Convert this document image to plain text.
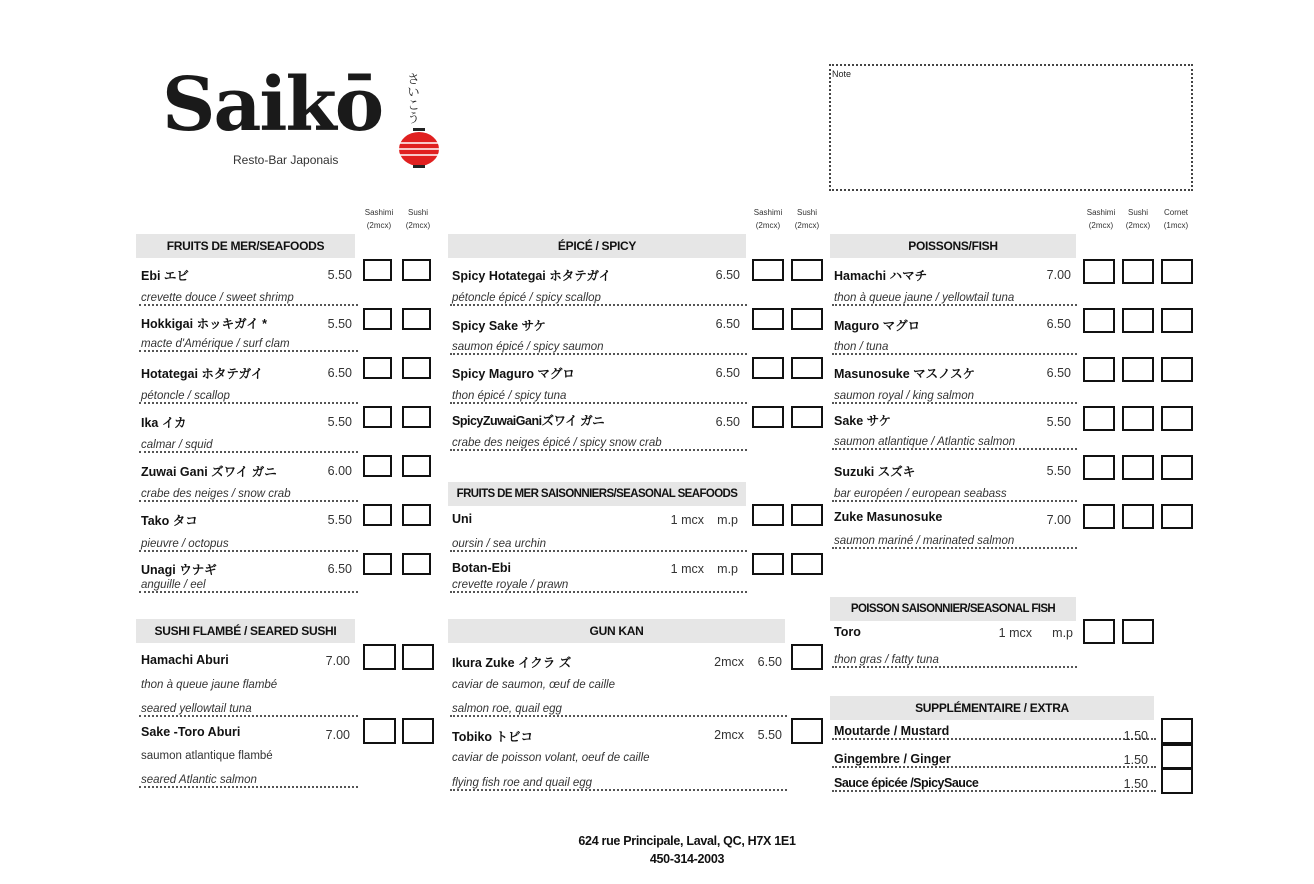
Saikō さいこう
Resto-Bar Japonais
Note
Sashimi
(2mcx)
Sushi
(2mcx)
Sashimi
(2mcx)
Sushi
(2mcx)
Sashimi
(2mcx)
Sushi
(2mcx)
Cornet
(1mcx)
FRUITS DE MER/SEAFOODS
Ebi エビ	5.50
crevette douce / sweet shrimp
Hokkigai ホッキガイ *	5.50
macte d'Amérique / surf clam
Hotategai ホタテガイ	6.50
pétoncle / scallop
Ika イカ	5.50
calmar / squid
Zuwai Gani ズワイ ガニ	6.00
crabe des neiges / snow crab
Tako タコ	5.50
pieuvre / octopus
Unagi ウナギ	6.50
anguille / eel
SUSHI FLAMBÉ / SEARED SUSHI
Hamachi Aburi	7.00
thon à queue jaune flambé
seared yellowtail tuna
Sake -Toro Aburi	7.00
saumon atlantique flambé
seared Atlantic salmon
ÉPICÉ / SPICY
Spicy Hotategai ホタテガイ	6.50
pétoncle épicé / spicy scallop
Spicy Sake サケ	6.50
saumon épicé / spicy saumon
Spicy Maguro マグロ	6.50
thon épicé / spicy tuna
SpicyZuwaiGaniズワイ ガニ	6.50
crabe des neiges épicé / spicy snow crab
FRUITS DE MER SAISONNIERS/SEASONAL SEAFOODS
Uni	1 mcx	m.p
oursin / sea urchin
Botan-Ebi	1 mcx	m.p
crevette royale / prawn
GUN KAN
Ikura Zuke イクラ ズ	2mcx	6.50
caviar de saumon, œuf de caille
salmon roe, quail egg
Tobiko トビコ	2mcx	5.50
caviar de poisson volant, oeuf de caille
flying fish roe and quail egg
POISSONS/FISH
Hamachi ハマチ	7.00
thon à queue jaune / yellowtail tuna
Maguro マグロ	6.50
thon / tuna
Masunosuke マスノスケ	6.50
saumon royal / king salmon
Sake サケ	5.50
saumon atlantique / Atlantic salmon
Suzuki スズキ	5.50
bar européen / european seabass
Zuke Masunosuke	7.00
saumon mariné / marinated salmon
POISSON SAISONNIER/SEASONAL FISH
Toro	1 mcx	m.p
thon gras / fatty tuna
SUPPLÉMENTAIRE / EXTRA
Moutarde / Mustard	1.50
Gingembre / Ginger	1.50
Sauce épicée /SpicySauce	1.50
624 rue Principale, Laval, QC, H7X 1E1
450-314-2003
